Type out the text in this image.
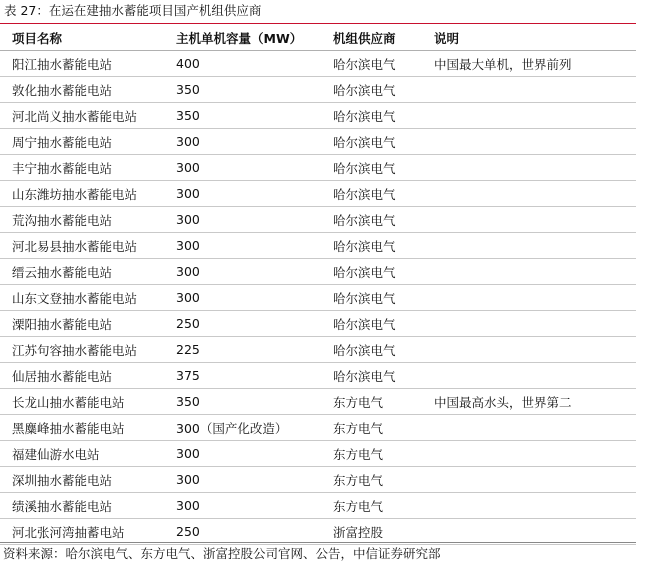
表 27：在运在建抽水蓄能项目国产机组供应商
项目名称	主机单机容量（MW）	机组供应商	说明
阳江抽水蓄能电站	400	哈尔滨电气	中国最大单机，世界前列
敦化抽水蓄能电站	350	哈尔滨电气	
河北尚义抽水蓄能电站	350	哈尔滨电气	
周宁抽水蓄能电站	300	哈尔滨电气	
丰宁抽水蓄能电站	300	哈尔滨电气	
山东潍坊抽水蓄能电站	300	哈尔滨电气	
荒沟抽水蓄能电站	300	哈尔滨电气	
河北易县抽水蓄能电站	300	哈尔滨电气	
缙云抽水蓄能电站	300	哈尔滨电气	
山东文登抽水蓄能电站	300	哈尔滨电气	
溧阳抽水蓄能电站	250	哈尔滨电气	
江苏句容抽水蓄能电站	225	哈尔滨电气	
仙居抽水蓄能电站	375	哈尔滨电气	
长龙山抽水蓄能电站	350	东方电气	中国最高水头，世界第二
黑麋峰抽水蓄能电站	300（国产化改造）	东方电气	
福建仙游水电站	300	东方电气	
深圳抽水蓄能电站	300	东方电气	
绩溪抽水蓄能电站	300	东方电气	
河北张河湾抽蓄电站	250	浙富控股	
资料来源：哈尔滨电气、东方电气、浙富控股公司官网、公告，中信证券研究部
